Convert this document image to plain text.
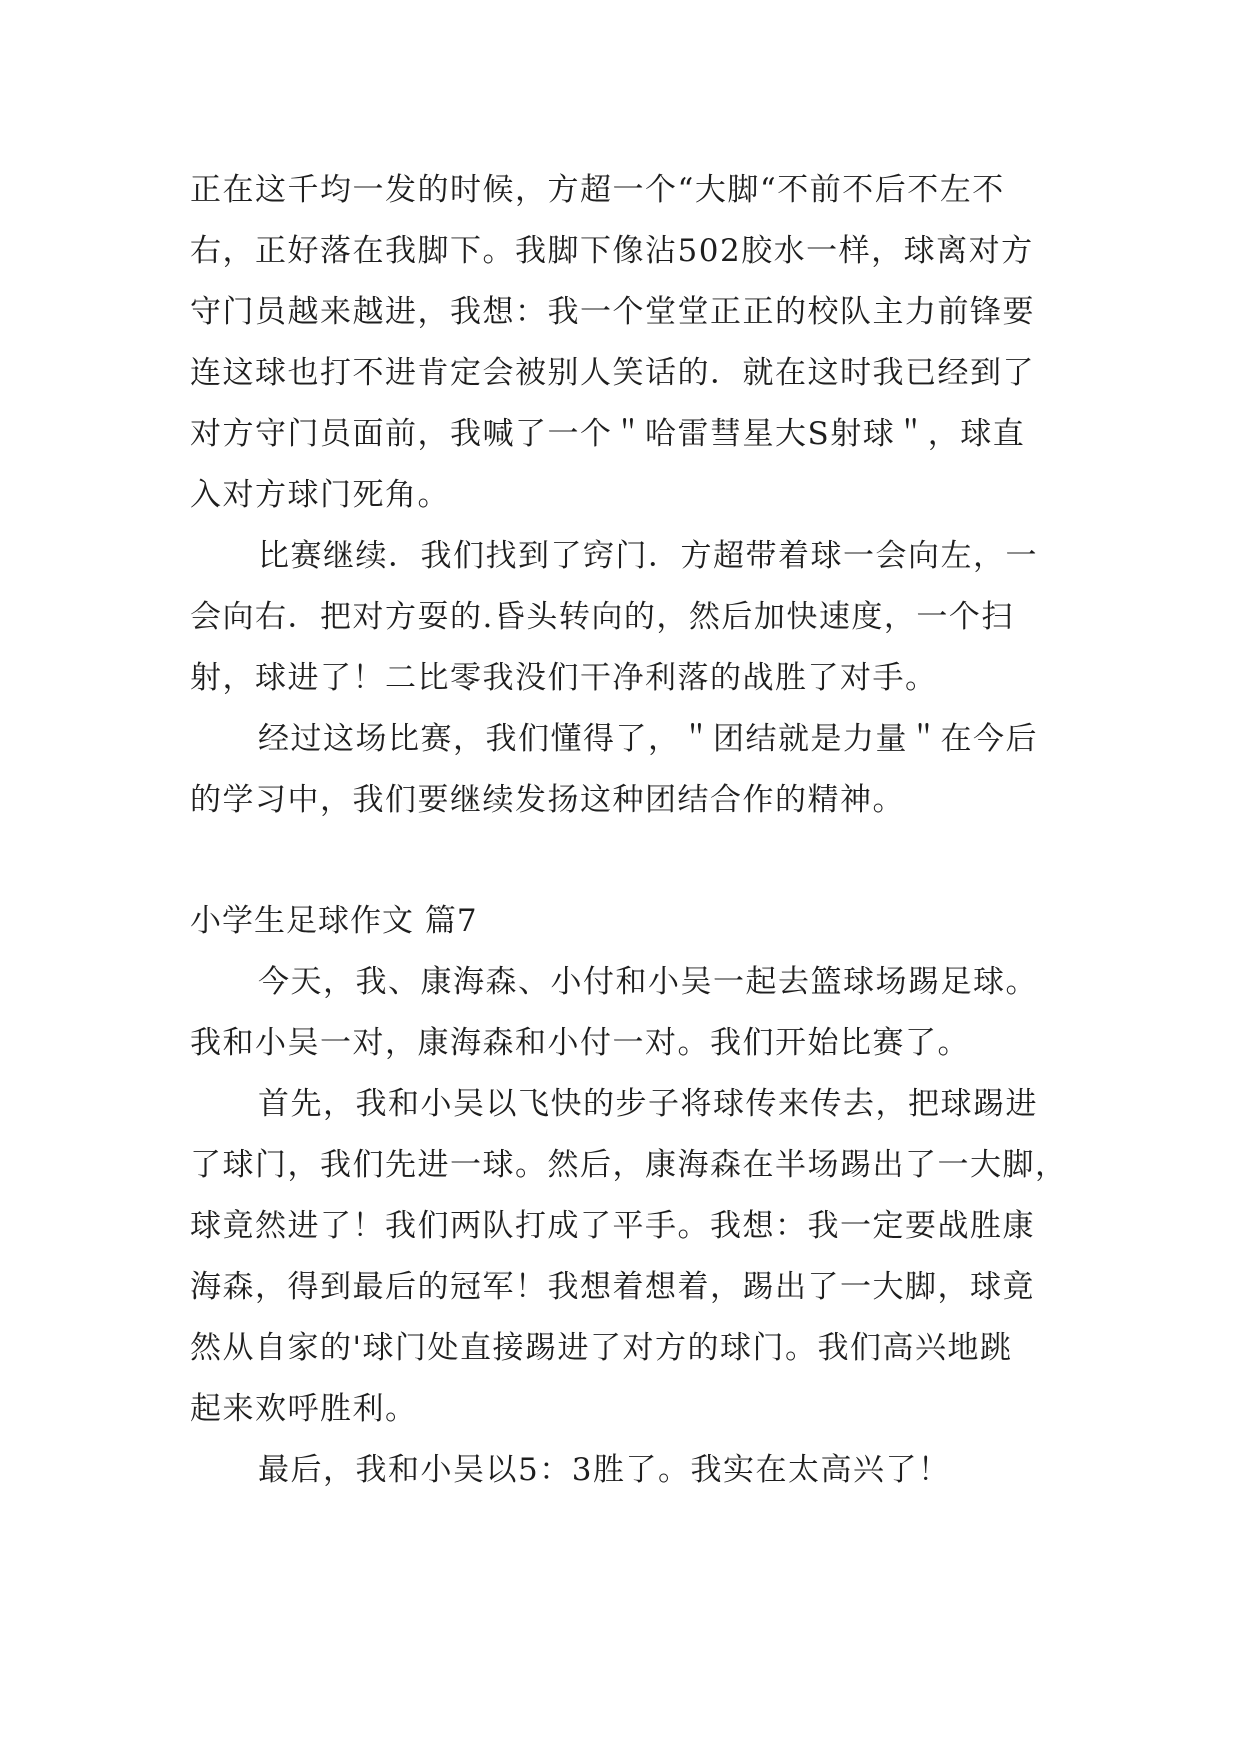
正在这千均一发的时候，方超一个“大脚“不前不后不左不
右，正好落在我脚下。我脚下像沾502胶水一样，球离对方
守门员越来越进，我想：我一个堂堂正正的校队主力前锋要
连这球也打不进肯定会被别人笑话的．就在这时我已经到了
对方守门员面前，我喊了一个＂哈雷彗星大S射球＂，球直
入对方球门死角。
比赛继续．我们找到了窍门．方超带着球一会向左，一
会向右．把对方耍的.昏头转向的，然后加快速度，一个扫
射，球进了！二比零我没们干净利落的战胜了对手。
经过这场比赛，我们懂得了，＂团结就是力量＂在今后
的学习中，我们要继续发扬这种团结合作的精神。
小学生足球作文 篇7
今天，我、康海森、小付和小吴一起去篮球场踢足球。
我和小吴一对，康海森和小付一对。我们开始比赛了。
首先，我和小吴以飞快的步子将球传来传去，把球踢进
了球门，我们先进一球。然后，康海森在半场踢出了一大脚，
球竟然进了！我们两队打成了平手。我想：我一定要战胜康
海森，得到最后的冠军！我想着想着，踢出了一大脚，球竟
然从自家的'球门处直接踢进了对方的球门。我们高兴地跳
起来欢呼胜利。
最后，我和小吴以5：3胜了。我实在太高兴了！
